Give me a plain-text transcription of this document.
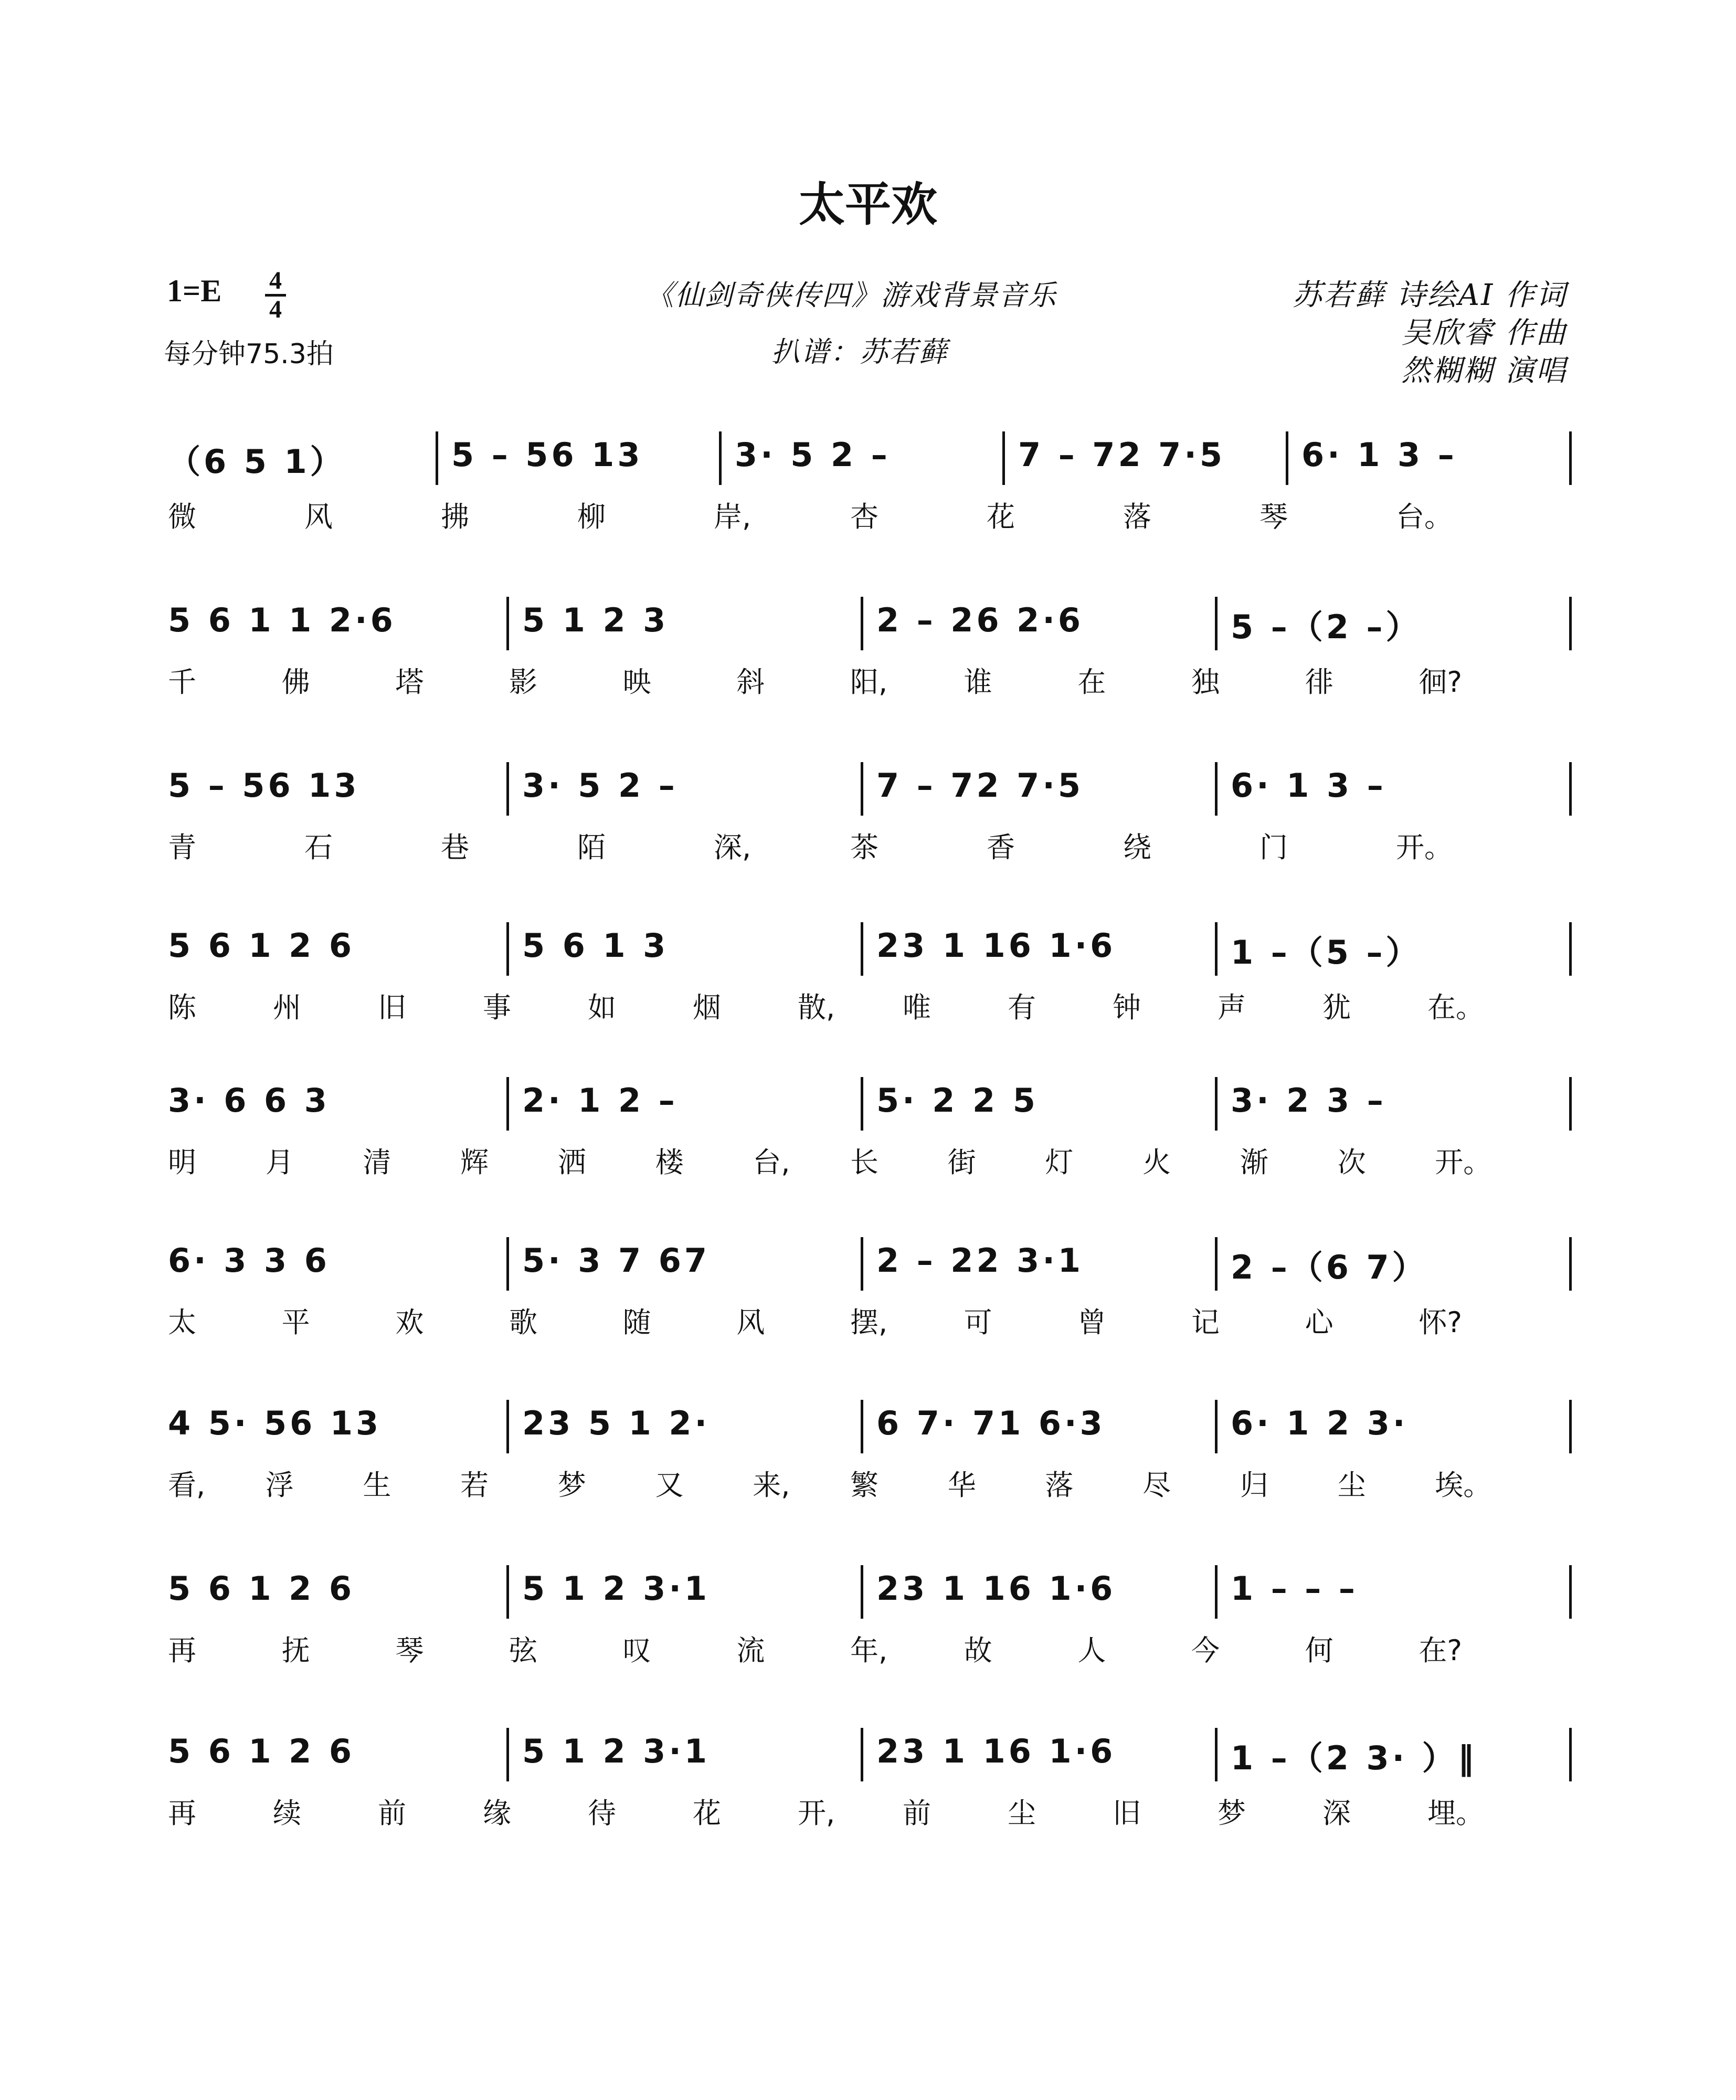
太平欢
1=E 4
4
每分钟75.3拍
《仙剑奇侠传四》游戏背景音乐
扒谱：苏若藓
苏若藓 诗绘AI 作词
吴欣睿 作曲
然糊糊 演唱
（6 5 1）	5 – 56 13	3· 5 2 –	7 – 72 7·5 6· 1 3 –
微	风	拂	柳	岸,	杏	花	落	琴	台。
5 6 1 1 2·6	5 1 2 3	2 – 26 2·6	5 –（2 –）
千	佛	塔	影	映	斜	阳,	谁	在	独	徘	徊?
5 – 56 13	3· 5 2 –	7 – 72 7·5	6· 1 3 –
青	石	巷	陌	深,	茶	香	绕	门	开。
5 6 1 2 6	5 6 1 3	23 1 16 1·6	1 –（5 –）
陈	州	旧	事	如	烟	散, 唯	有	钟	声	犹	在。
3· 6 6 3	2· 1 2 –	5· 2 2 5	3· 2 3 –
明 月 清 辉 洒 楼 台, 长 街 灯 火 渐 次 开。
6· 3 3 6	5· 3 7 67	2 – 22 3·1	2 –（6 7）
太	平	欢	歌	随	风	摆,	可	曾	记	心	怀?
4 5· 56 13	23 5 1 2·	6 7· 71 6·3	6· 1 2 3·
看, 浮 生 若 梦 又 来, 繁 华 落 尽 归 尘 埃。
5 6 1 2 6	5 1 2 3·1	23 1 16 1·6	1 – – –
再	抚	琴	弦	叹	流	年,	故	人	今	何	在?
5 6 1 2 6	5 1 2 3·1	23 1 16 1·6	1 –（2 3· ）‖
再	续	前	缘	待	花	开, 前	尘	旧	梦	深	埋。
